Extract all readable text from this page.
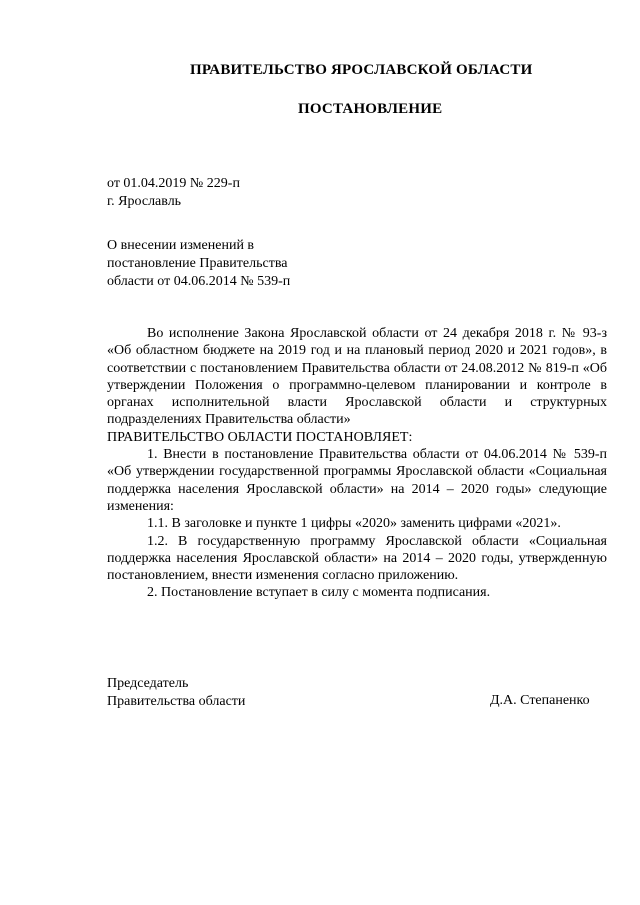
ПРАВИТЕЛЬСТВО ЯРОСЛАВСКОЙ ОБЛАСТИ
ПОСТАНОВЛЕНИЕ
от 01.04.2019 № 229-п
г. Ярославль
О внесении изменений в
постановление Правительства
области от 04.06.2014 № 539-п

Во исполнение Закона Ярославской области от 24 декабря 2018 г. № 93-з «Об областном бюджете на 2019 год и на плановый период 2020 и 2021 годов», в соответствии с постановлением Правительства области от 24.08.2012 № 819-п «Об утверждении Положения о программно-целевом планировании и контроле в органах исполнительной власти Ярославской области и структурных подразделениях Правительства области»

ПРАВИТЕЛЬСТВО ОБЛАСТИ ПОСТАНОВЛЯЕТ:

1. Внести в постановление Правительства области от 04.06.2014 № 539-п «Об утверждении государственной программы Ярославской области «Социальная поддержка населения Ярославской области» на 2014 – 2020 годы» следующие изменения:

1.1. В заголовке и пункте 1 цифры «2020» заменить цифрами «2021».

1.2. В государственную программу Ярославской области «Социальная поддержка населения Ярославской области» на 2014 – 2020 годы, утвержденную постановлением, внести изменения согласно приложению.

2. Постановление вступает в силу с момента подписания.

Председатель
Правительства области	Д.А. Степаненко
